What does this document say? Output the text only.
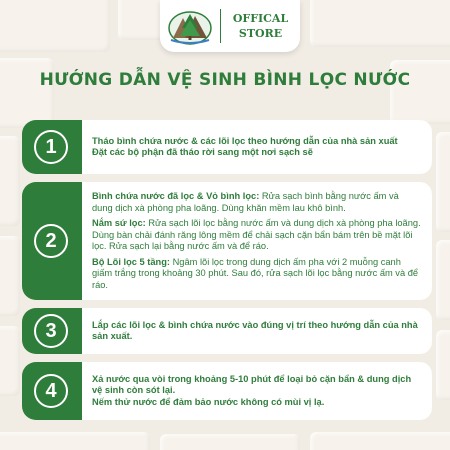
OFFICAL
STORE
HƯỚNG DẪN VỆ SINH BÌNH LỌC NƯỚC
1	Tháo bình chứa nước & các lõi lọc theo hướng dẫn của nhà sản xuất
Đặt các bộ phận đã tháo rời sang một nơi sạch sẽ
2
Bình chứa nước đã lọc & Vỏ bình lọc: Rửa sạch bình bằng nước ấm và dung dịch xà phòng pha loãng. Dùng khăn mềm lau khô bình.
Nắm sứ lọc: Rửa sạch lõi lọc bằng nước ấm và dung dịch xà phòng pha loãng. Dùng bàn chải đánh răng lông mềm để chải sạch cặn bẩn bám trên bề mặt lõi lọc. Rửa sạch lại bằng nước ấm và để ráo.
Bộ Lõi lọc 5 tầng: Ngâm lõi lọc trong dung dịch ấm pha với 2 muỗng canh giấm trắng trong khoảng 30 phút. Sau đó, rửa sạch lõi lọc bằng nước ấm và để ráo.
3	Lắp các lõi lọc & bình chứa nước vào đúng vị trí theo hướng dẫn của nhà sản xuất.
4
Xả nước qua vòi trong khoảng 5-10 phút để loại bỏ cặn bẩn & dung dịch vệ sinh còn sót lại.
Nếm thử nước để đảm bảo nước không có mùi vị lạ.
